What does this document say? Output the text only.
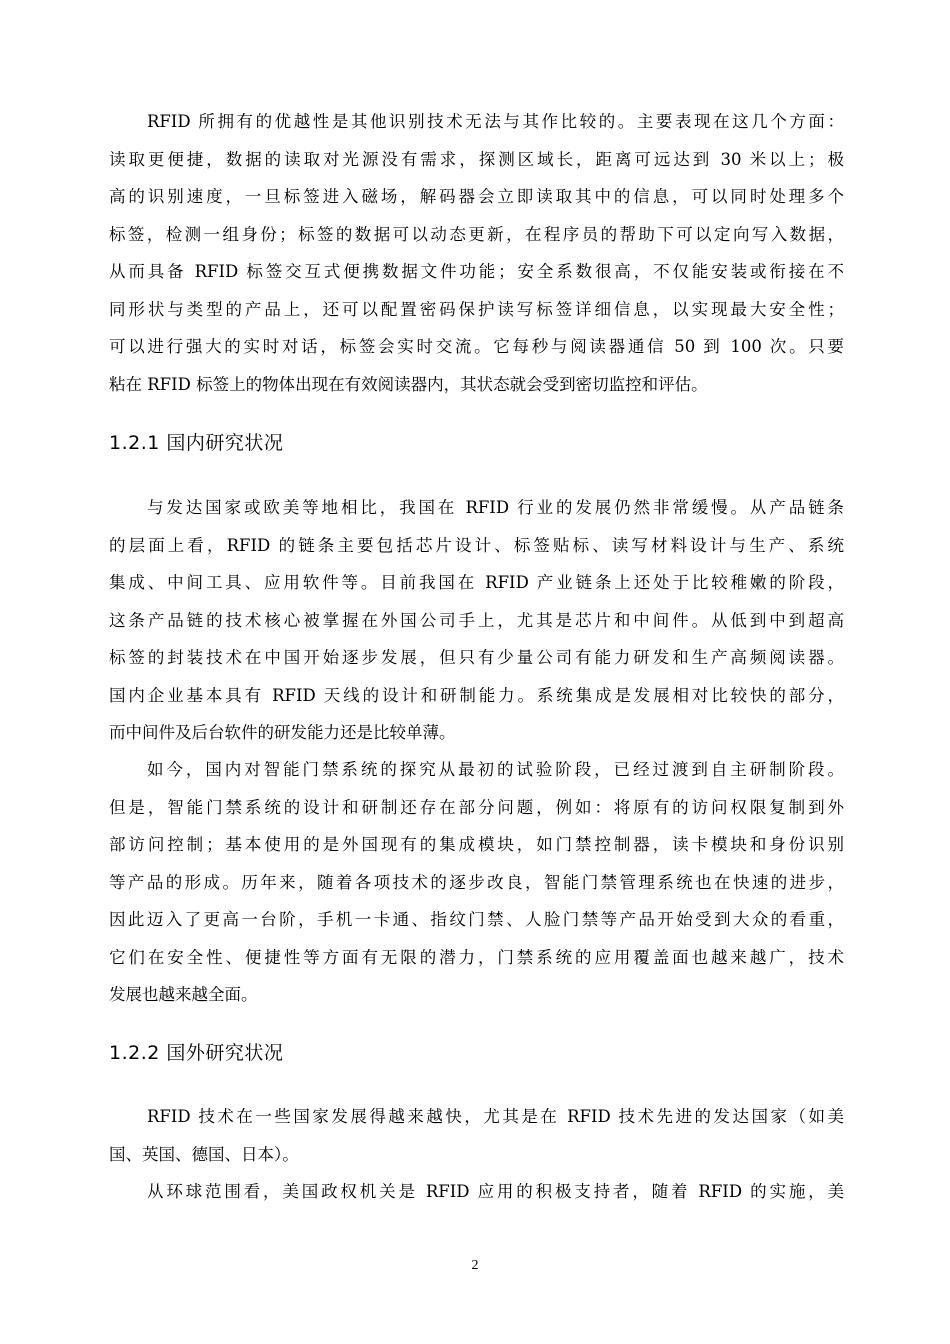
RFID 所拥有的优越性是其他识别技术无法与其作比较的。主要表现在这几个方面：
读取更便捷，数据的读取对光源没有需求，探测区域长，距离可远达到 30 米以上；极
高的识别速度，一旦标签进入磁场，解码器会立即读取其中的信息，可以同时处理多个
标签，检测一组身份；标签的数据可以动态更新，在程序员的帮助下可以定向写入数据，
从而具备 RFID 标签交互式便携数据文件功能；安全系数很高，不仅能安装或衔接在不
同形状与类型的产品上，还可以配置密码保护读写标签详细信息，以实现最大安全性；
可以进行强大的实时对话，标签会实时交流。它每秒与阅读器通信 50 到 100 次。只要
粘在 RFID 标签上的物体出现在有效阅读器内，其状态就会受到密切监控和评估。

1.2.1 国内研究状况

与发达国家或欧美等地相比，我国在 RFID 行业的发展仍然非常缓慢。从产品链条
的层面上看，RFID 的链条主要包括芯片设计、标签贴标、读写材料设计与生产、系统
集成、中间工具、应用软件等。目前我国在 RFID 产业链条上还处于比较稚嫩的阶段，
这条产品链的技术核心被掌握在外国公司手上，尤其是芯片和中间件。从低到中到超高
标签的封装技术在中国开始逐步发展，但只有少量公司有能力研发和生产高频阅读器。
国内企业基本具有 RFID 天线的设计和研制能力。系统集成是发展相对比较快的部分，
而中间件及后台软件的研发能力还是比较单薄。

如今，国内对智能门禁系统的探究从最初的试验阶段，已经过渡到自主研制阶段。
但是，智能门禁系统的设计和研制还存在部分问题，例如：将原有的访问权限复制到外
部访问控制；基本使用的是外国现有的集成模块，如门禁控制器，读卡模块和身份识别
等产品的形成。历年来，随着各项技术的逐步改良，智能门禁管理系统也在快速的进步，
因此迈入了更高一台阶，手机一卡通、指纹门禁、人脸门禁等产品开始受到大众的看重，
它们在安全性、便捷性等方面有无限的潜力，门禁系统的应用覆盖面也越来越广，技术
发展也越来越全面。

1.2.2 国外研究状况

RFID 技术在一些国家发展得越来越快，尤其是在 RFID 技术先进的发达国家（如美
国、英国、德国、日本）。

从环球范围看，美国政权机关是 RFID 应用的积极支持者，随着 RFID 的实施，美

2
